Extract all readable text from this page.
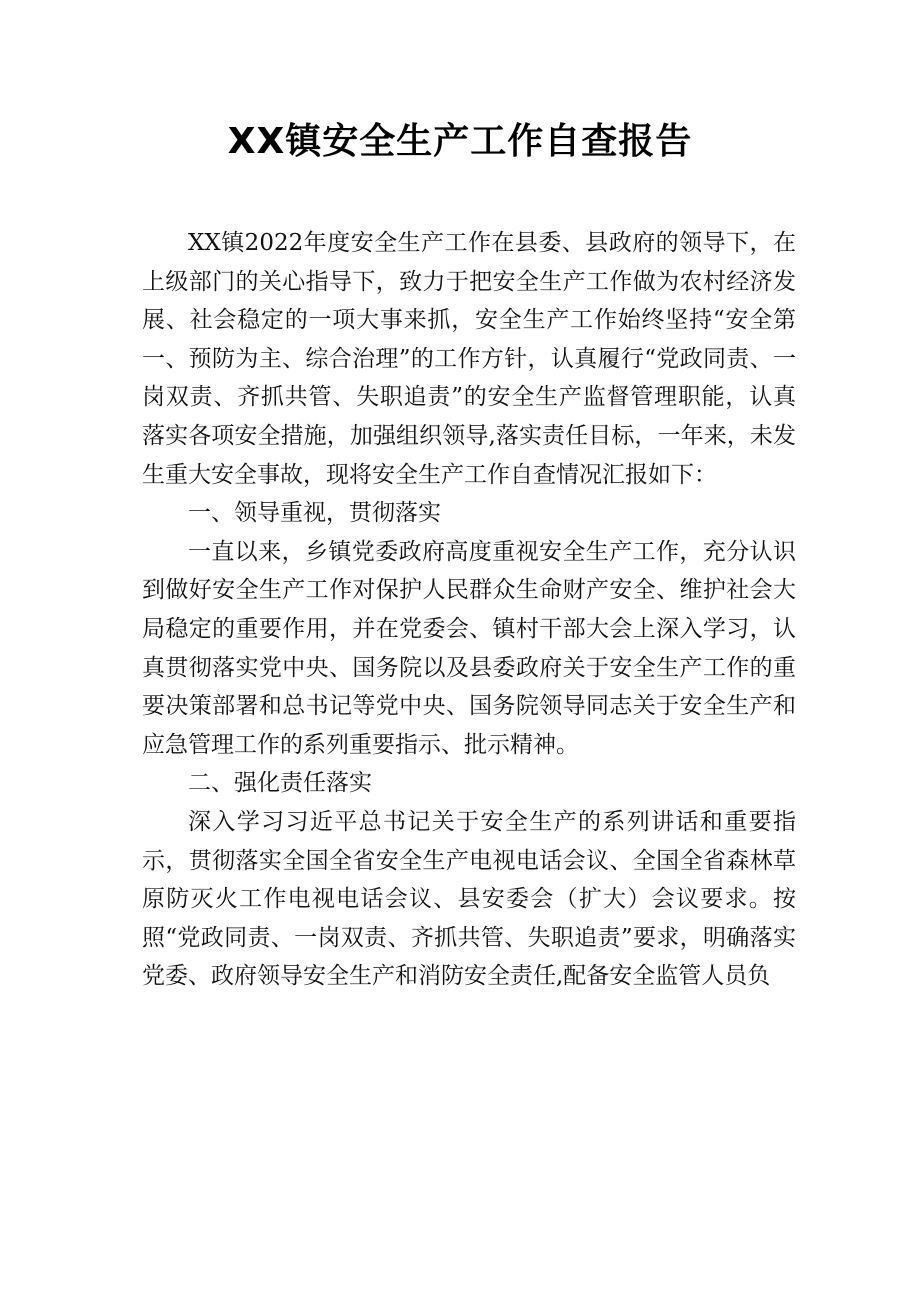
XX镇安全生产工作自查报告

XX镇2022年度安全生产工作在县委、县政府的领导下，在上级部门的关心指导下，致力于把安全生产工作做为农村经济发展、社会稳定的一项大事来抓，安全生产工作始终坚持“安全第一、预防为主、综合治理”的工作方针，认真履行“党政同责、一岗双责、齐抓共管、失职追责”的安全生产监督管理职能，认真落实各项安全措施，加强组织领导,落实责任目标，一年来，未发生重大安全事故，现将安全生产工作自查情况汇报如下：

一、领导重视，贯彻落实

一直以来，乡镇党委政府高度重视安全生产工作，充分认识到做好安全生产工作对保护人民群众生命财产安全、维护社会大局稳定的重要作用，并在党委会、镇村干部大会上深入学习，认真贯彻落实党中央、国务院以及县委政府关于安全生产工作的重要决策部署和总书记等党中央、国务院领导同志关于安全生产和应急管理工作的系列重要指示、批示精神。

二、强化责任落实

深入学习习近平总书记关于安全生产的系列讲话和重要指示，贯彻落实全国全省安全生产电视电话会议、全国全省森林草原防灭火工作电视电话会议、县安委会（扩大）会议要求。按照“党政同责、一岗双责、齐抓共管、失职追责”要求，明确落实党委、政府领导安全生产和消防安全责任,配备安全监管人员负
